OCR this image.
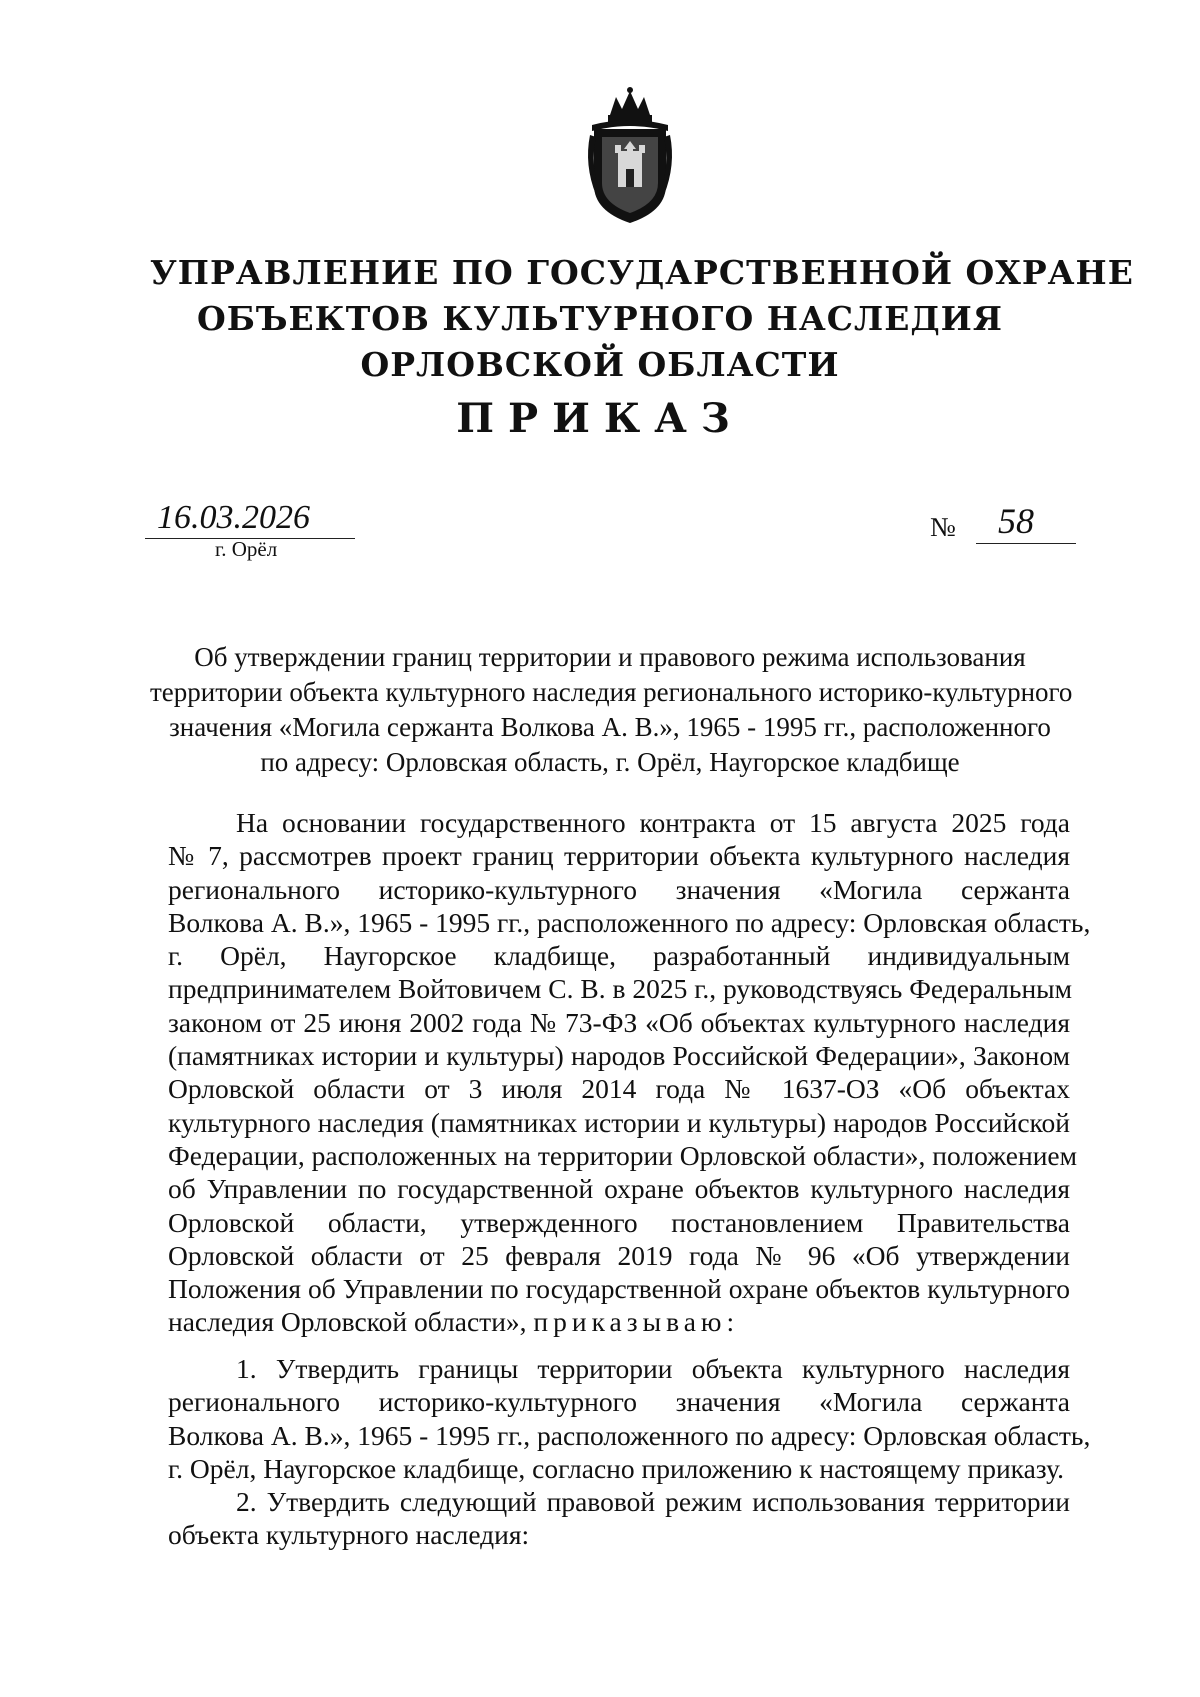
УПРАВЛЕНИЕ ПО ГОСУДАРСТВЕННОЙ ОХРАНЕ
ОБЪЕКТОВ КУЛЬТУРНОГО НАСЛЕДИЯ
ОРЛОВСКОЙ ОБЛАСТИ
ПРИКАЗ
16.03.2026
г. Орёл
№ 58
Об утверждении границ территории и правового режима использования
территории объекта культурного наследия регионального историко-культурного
значения «Могила сержанта Волкова А. В.», 1965 - 1995 гг., расположенного
по адресу: Орловская область, г. Орёл, Наугорское кладбище
На основании государственного контракта от 15 августа 2025 года
№ 7, рассмотрев проект границ территории объекта культурного наследия
регионального историко-культурного значения «Могила сержанта
Волкова А. В.», 1965 - 1995 гг., расположенного по адресу: Орловская область,
г. Орёл, Наугорское кладбище, разработанный индивидуальным
предпринимателем Войтовичем С. В. в 2025 г., руководствуясь Федеральным
законом от 25 июня 2002 года № 73-ФЗ «Об объектах культурного наследия
(памятниках истории и культуры) народов Российской Федерации», Законом
Орловской области от 3 июля 2014 года № 1637-ОЗ «Об объектах
культурного наследия (памятниках истории и культуры) народов Российской
Федерации, расположенных на территории Орловской области», положением
об Управлении по государственной охране объектов культурного наследия
Орловской области, утвержденного постановлением Правительства
Орловской области от 25 февраля 2019 года № 96 «Об утверждении
Положения об Управлении по государственной охране объектов культурного
наследия Орловской области», приказываю:
1. Утвердить границы территории объекта культурного наследия
регионального историко-культурного значения «Могила сержанта
Волкова А. В.», 1965 - 1995 гг., расположенного по адресу: Орловская область,
г. Орёл, Наугорское кладбище, согласно приложению к настоящему приказу.
2. Утвердить следующий правовой режим использования территории
объекта культурного наследия:
